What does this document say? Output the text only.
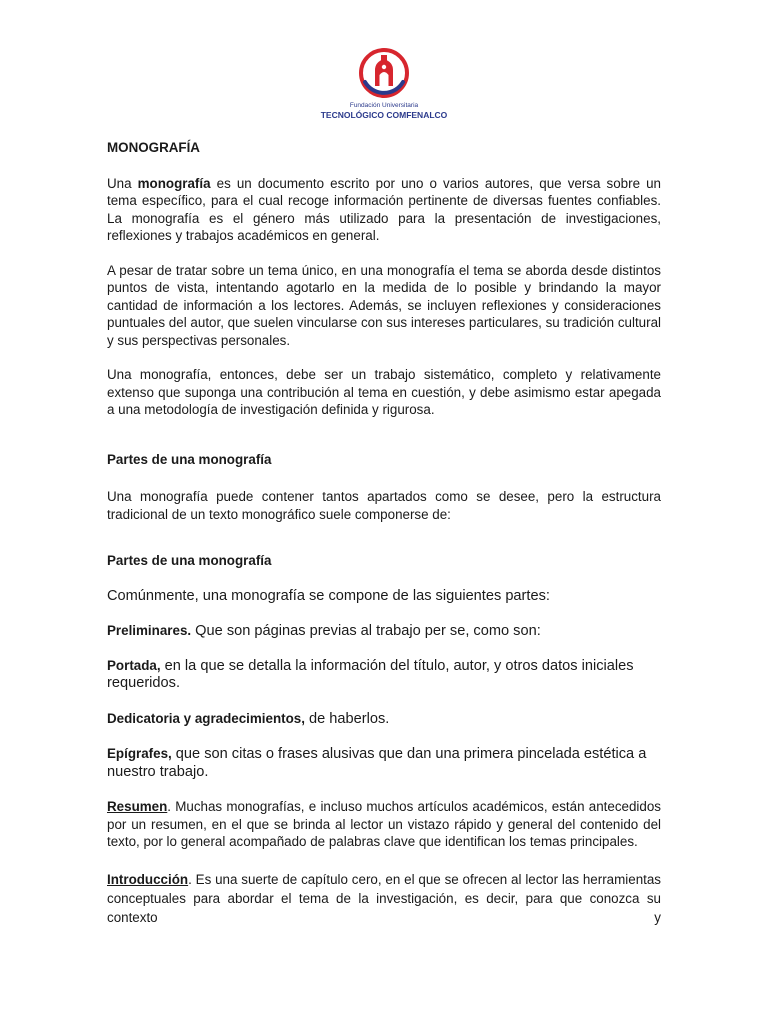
Fundación Universitaria
TECNOLÓGICO COMFENALCO

MONOGRAFÍA

Una monografía es un documento escrito por uno o varios autores, que versa sobre un tema específico, para el cual recoge información pertinente de diversas fuentes confiables. La monografía es el género más utilizado para la presentación de investigaciones, reflexiones y trabajos académicos en general.

A pesar de tratar sobre un tema único, en una monografía el tema se aborda desde distintos puntos de vista, intentando agotarlo en la medida de lo posible y brindando la mayor cantidad de información a los lectores. Además, se incluyen reflexiones y consideraciones puntuales del autor, que suelen vincularse con sus intereses particulares, su tradición cultural y sus perspectivas personales.

Una monografía, entonces, debe ser un trabajo sistemático, completo y relativamente extenso que suponga una contribución al tema en cuestión, y debe asimismo estar apegada a una metodología de investigación definida y rigurosa.

Partes de una monografía

Una monografía puede contener tantos apartados como se desee, pero la estructura tradicional de un texto monográfico suele componerse de:

Partes de una monografía

Comúnmente, una monografía se compone de las siguientes partes:

Preliminares. Que son páginas previas al trabajo per se, como son:

Portada, en la que se detalla la información del título, autor, y otros datos iniciales requeridos.

Dedicatoria y agradecimientos, de haberlos.

Epígrafes, que son citas o frases alusivas que dan una primera pincelada estética a nuestro trabajo.

Resumen. Muchas monografías, e incluso muchos artículos académicos, están antecedidos por un resumen, en el que se brinda al lector un vistazo rápido y general del contenido del texto, por lo general acompañado de palabras clave que identifican los temas principales.

Introducción. Es una suerte de capítulo cero, en el que se ofrecen al lector las herramientas conceptuales para abordar el tema de la investigación, es decir, para que conozca su contexto y
